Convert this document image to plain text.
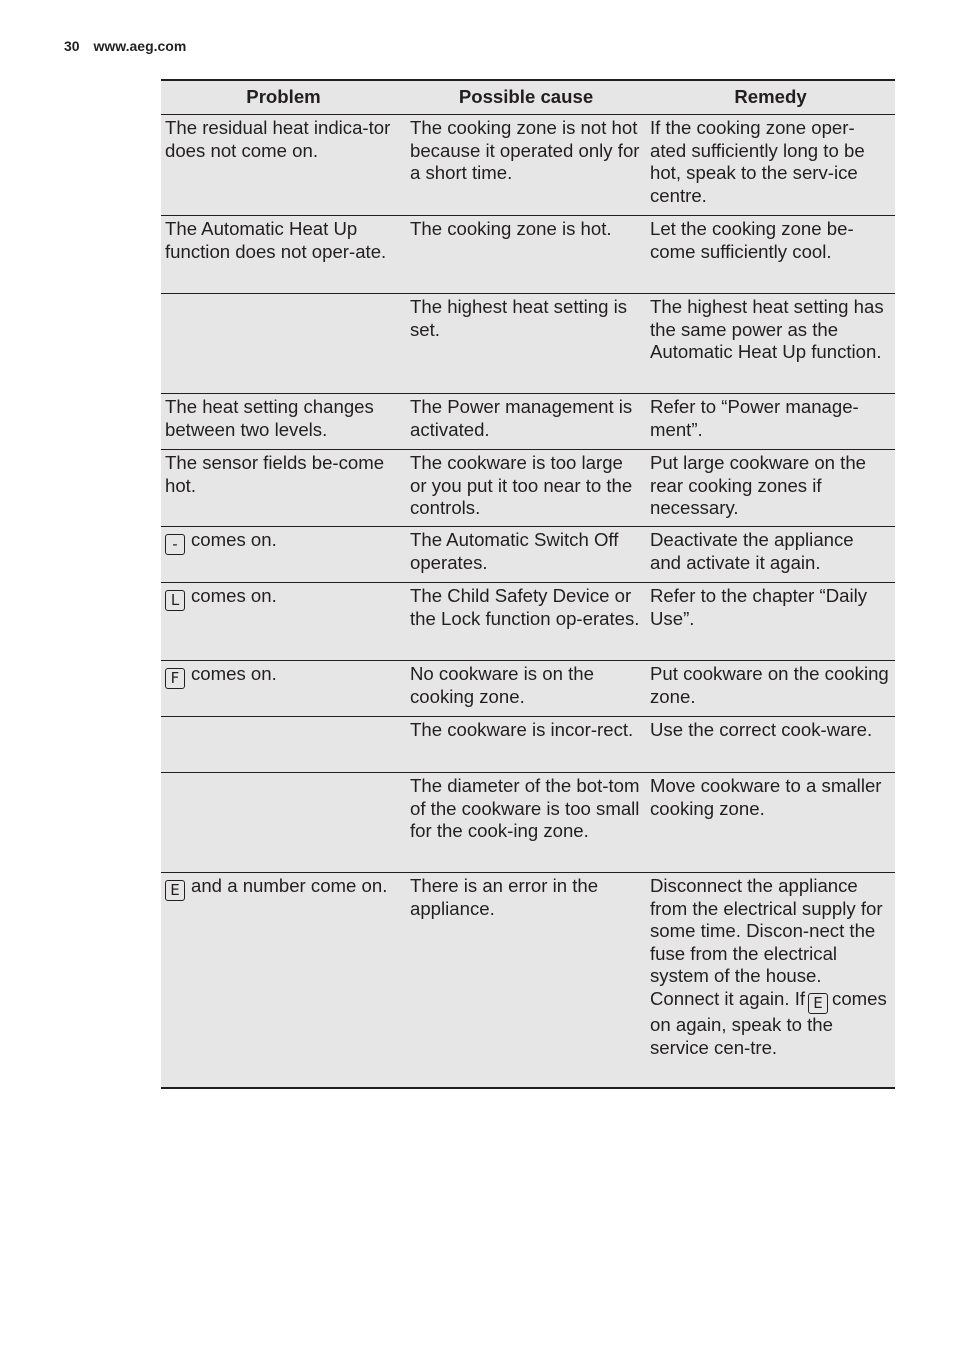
30 www.aeg.com
Problem	Possible cause	Remedy
The residual heat indica-tor does not come on.	The cooking zone is not hot because it operated only for a short time.	If the cooking zone oper-ated sufficiently long to be hot, speak to the serv-ice centre.
The Automatic Heat Up function does not oper-ate.	The cooking zone is hot.	Let the cooking zone be-come sufficiently cool.
	The highest heat setting is set.	The highest heat setting has the same power as the Automatic Heat Up function.
The heat setting changes between two levels.	The Power management is activated.	Refer to “Power manage-ment”.
The sensor fields be-come hot.	The cookware is too large or you put it too near to the controls.	Put large cookware on the rear cooking zones if necessary.
- comes on.	The Automatic Switch Off operates.	Deactivate the appliance and activate it again.
L comes on.	The Child Safety Device or the Lock function op-erates.	Refer to the chapter “Daily Use”.
F comes on.	No cookware is on the cooking zone.	Put cookware on the cooking zone.
	The cookware is incor-rect.	Use the correct cook-ware.
	The diameter of the bot-tom of the cookware is too small for the cook-ing zone.	Move cookware to a smaller cooking zone.
E and a number come on.	There is an error in the appliance.	Disconnect the appliance from the electrical supply for some time. Discon-nect the fuse from the electrical system of the house. Connect it again. If E comes on again, speak to the service cen-tre.
